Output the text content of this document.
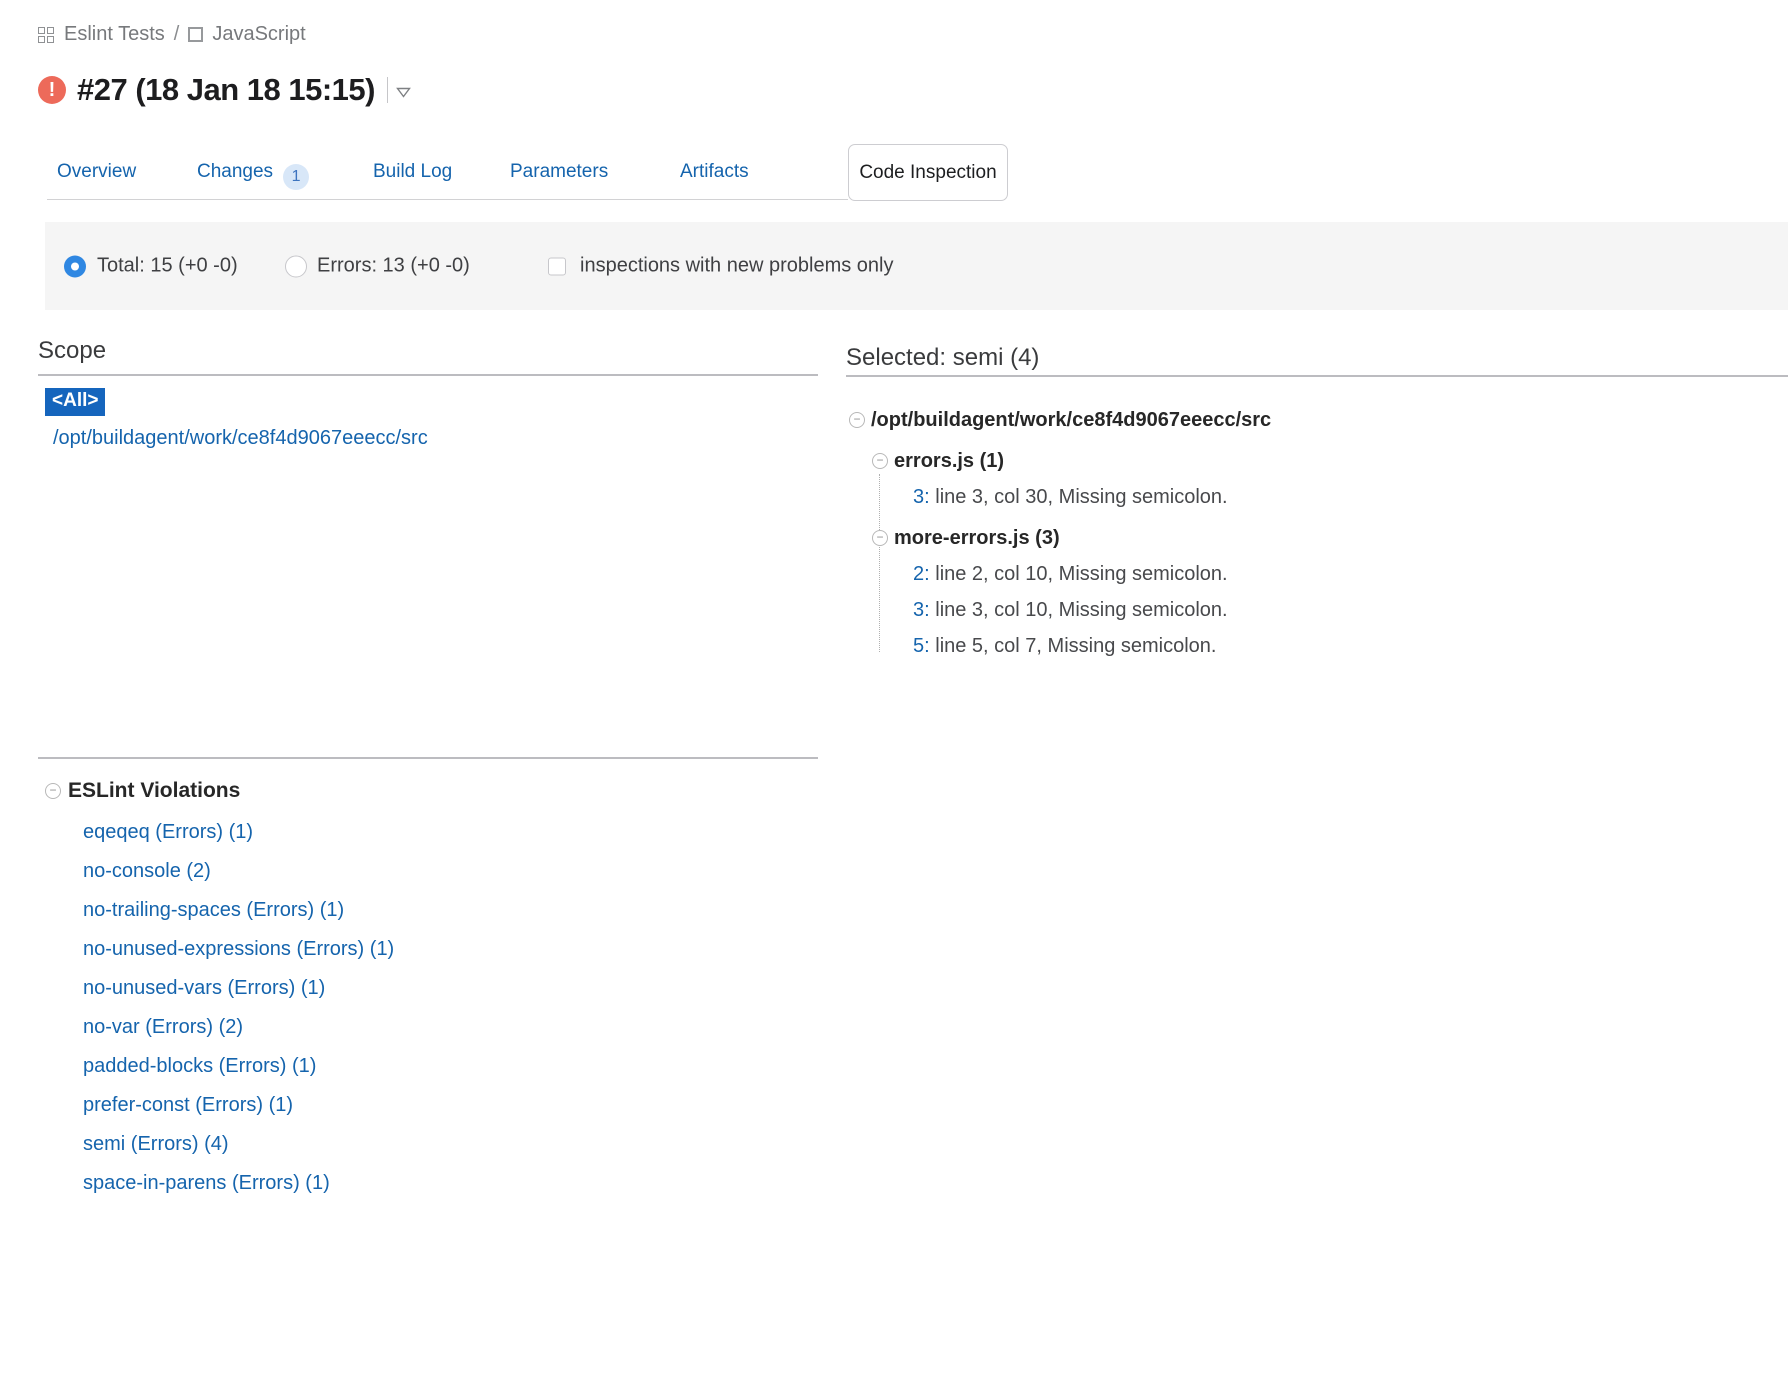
Eslint Tests / JavaScript
! #27 (18 Jan 18 15:15)
Overview	Changes 1	Build Log	Parameters	Artifacts	Code Inspection
Total: 15 (+0 -0)	Errors: 13 (+0 -0)	inspections with new problems only
Scope
<All>
/opt/buildagent/work/ce8f4d9067eeecc/src
Selected: semi (4)
− /opt/buildagent/work/ce8f4d9067eeecc/src
− errors.js (1)
3: line 3, col 30, Missing semicolon.
− more-errors.js (3)
2: line 2, col 10, Missing semicolon.
3: line 3, col 10, Missing semicolon.
5: line 5, col 7, Missing semicolon.
− ESLint Violations
eqeqeq (Errors) (1)
no-console (2)
no-trailing-spaces (Errors) (1)
no-unused-expressions (Errors) (1)
no-unused-vars (Errors) (1)
no-var (Errors) (2)
padded-blocks (Errors) (1)
prefer-const (Errors) (1)
semi (Errors) (4)
space-in-parens (Errors) (1)
